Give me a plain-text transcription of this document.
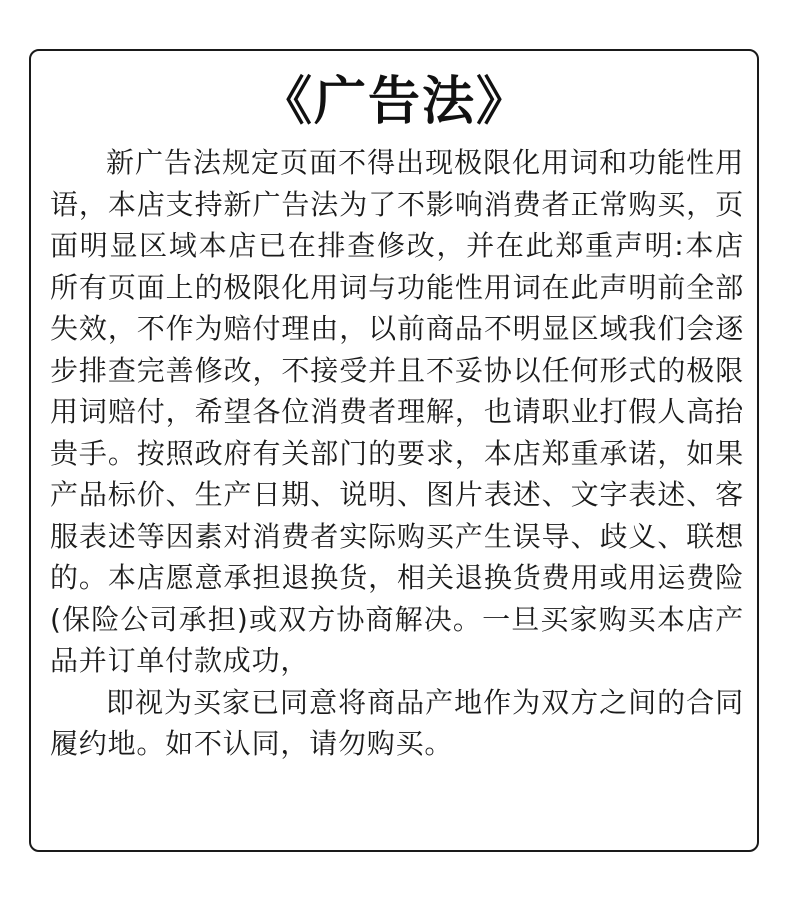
《广告法》

新广告法规定页面不得出现极限化用词和功能性用语，本店支持新广告法为了不影响消费者正常购买，页面明显区域本店已在排查修改，并在此郑重声明:本店所有页面上的极限化用词与功能性用词在此声明前全部失效，不作为赔付理由，以前商品不明显区域我们会逐步排查完善修改，不接受并且不妥协以任何形式的极限用词赔付，希望各位消费者理解，也请职业打假人高抬贵手。按照政府有关部门的要求，本店郑重承诺，如果产品标价、生产日期、说明、图片表述、文字表述、客服表述等因素对消费者实际购买产生误导、歧义、联想的。本店愿意承担退换货，相关退换货费用或用运费险(保险公司承担)或双方协商解决。一旦买家购买本店产品并订单付款成功，

即视为买家已同意将商品产地作为双方之间的合同履约地。如不认同，请勿购买。
